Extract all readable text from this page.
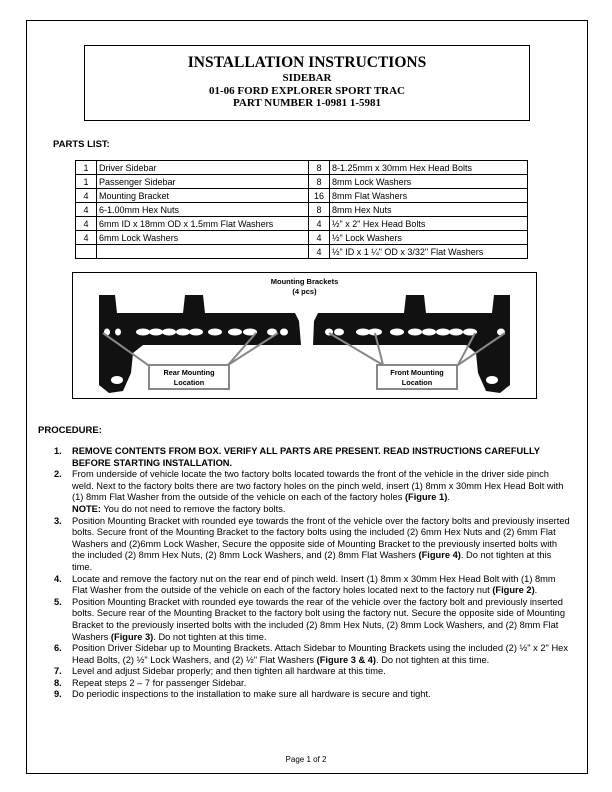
INSTALLATION INSTRUCTIONS
SIDEBAR
01-06 FORD EXPLORER SPORT TRAC
PART NUMBER 1-0981 1-5981
PARTS LIST:
1	Driver Sidebar	8	8-1.25mm x 30mm Hex Head Bolts
1	Passenger Sidebar	8	8mm Lock Washers
4	Mounting Bracket	16	8mm Flat Washers
4	6-1.00mm Hex Nuts	8	8mm Hex Nuts
4	6mm ID x 18mm OD x 1.5mm Flat Washers	4	½" x 2" Hex Head Bolts
4	6mm Lock Washers	4	½" Lock Washers
		4	½" ID x 1 ¼" OD x 3/32" Flat Washers
Mounting Brackets
(4 pcs)
Rear Mounting
Location
Front Mounting
Location
PROCEDURE:
1. REMOVE CONTENTS FROM BOX. VERIFY ALL PARTS ARE PRESENT. READ INSTRUCTIONS CAREFULLY BEFORE STARTING INSTALLATION.
2. From underside of vehicle locate the two factory bolts located towards the front of the vehicle in the driver side pinch weld. Next to the factory bolts there are two factory holes on the pinch weld, insert (1) 8mm x 30mm Hex Head Bolt with (1) 8mm Flat Washer from the outside of the vehicle on each of the factory holes (Figure 1).
NOTE: You do not need to remove the factory bolts.
3. Position Mounting Bracket with rounded eye towards the front of the vehicle over the factory bolts and previously inserted bolts. Secure front of the Mounting Bracket to the factory bolts using the included (2) 6mm Hex Nuts and (2) 6mm Flat Washers and (2)6mm Lock Washer, Secure the opposite side of Mounting Bracket to the previously inserted bolts with the included (2) 8mm Hex Nuts, (2) 8mm Lock Washers, and (2) 8mm Flat Washers (Figure 4). Do not tighten at this time.
4. Locate and remove the factory nut on the rear end of pinch weld. Insert (1) 8mm x 30mm Hex Head Bolt with (1) 8mm Flat Washer from the outside of the vehicle on each of the factory holes located next to the factory nut (Figure 2).
5. Position Mounting Bracket with rounded eye towards the rear of the vehicle over the factory bolt and previously inserted bolts. Secure rear of the Mounting Bracket to the factory bolt using the factory nut. Secure the opposite side of Mounting Bracket to the previously inserted bolts with the included (2) 8mm Hex Nuts, (2) 8mm Lock Washers, and (2) 8mm Flat Washers (Figure 3). Do not tighten at this time.
6. Position Driver Sidebar up to Mounting Brackets. Attach Sidebar to Mounting Brackets using the included (2) ½" x 2" Hex Head Bolts, (2) ½" Lock Washers, and (2) ½" Flat Washers (Figure 3 & 4). Do not tighten at this time.
7. Level and adjust Sidebar properly; and then tighten all hardware at this time.
8. Repeat steps 2 – 7 for passenger Sidebar.
9. Do periodic inspections to the installation to make sure all hardware is secure and tight.
Page 1 of 2
